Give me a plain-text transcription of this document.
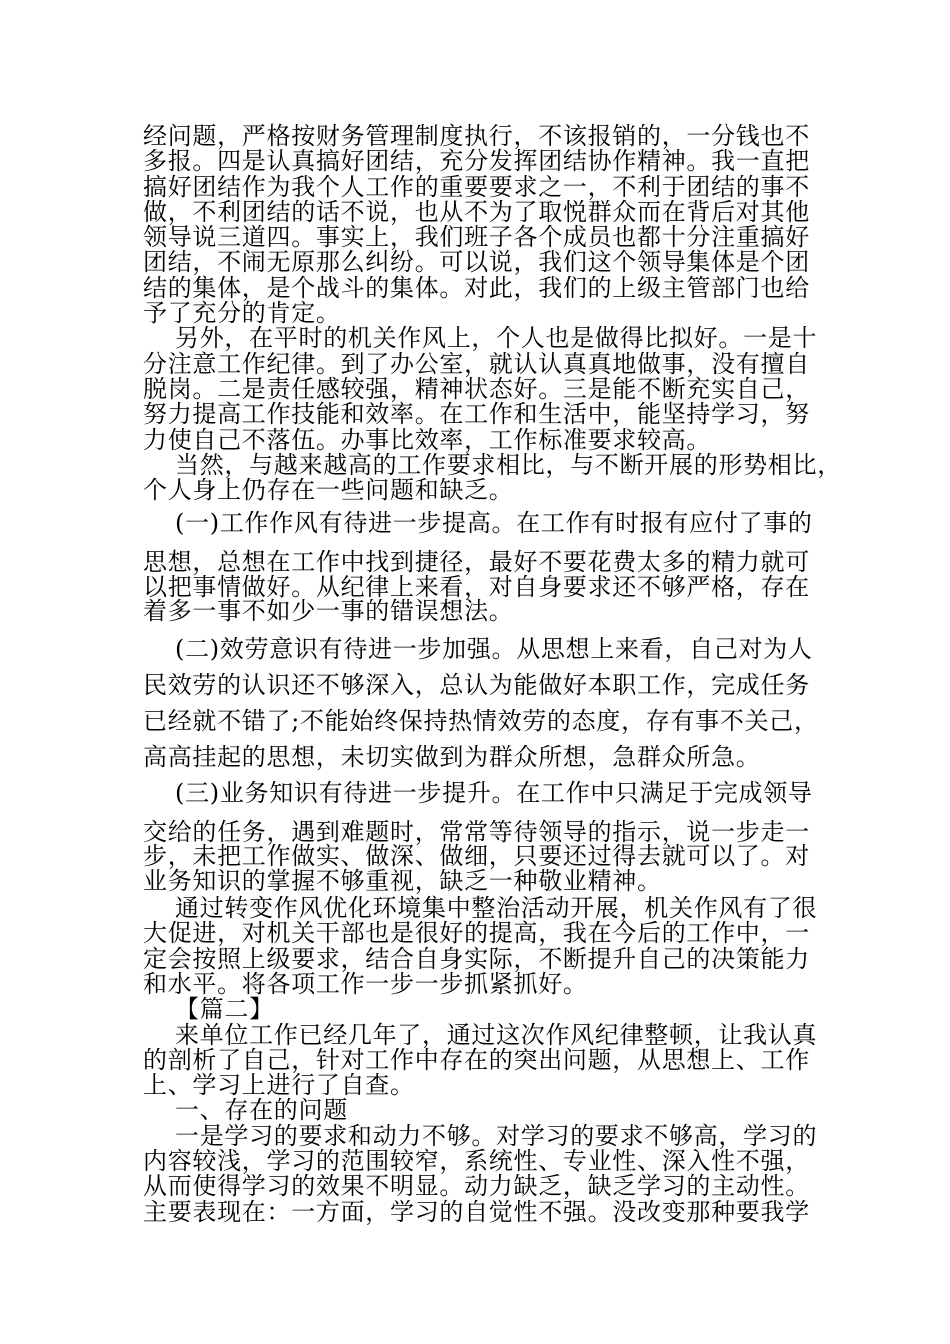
经问题，严格按财务管理制度执行，不该报销的，一分钱也不
多报。四是认真搞好团结，充分发挥团结协作精神。我一直把
搞好团结作为我个人工作的重要要求之一，不利于团结的事不
做，不利团结的话不说，也从不为了取悦群众而在背后对其他
领导说三道四。事实上，我们班子各个成员也都十分注重搞好
团结，不闹无原那么纠纷。可以说，我们这个领导集体是个团
结的集体，是个战斗的集体。对此，我们的上级主管部门也给
予了充分的肯定。
另外，在平时的机关作风上，个人也是做得比拟好。一是十
分注意工作纪律。到了办公室，就认认真真地做事，没有擅自
脱岗。二是责任感较强，精神状态好。三是能不断充实自己，
努力提高工作技能和效率。在工作和生活中，能坚持学习，努
力使自己不落伍。办事比效率，工作标准要求较高。
当然，与越来越高的工作要求相比，与不断开展的形势相比，
个人身上仍存在一些问题和缺乏。
(一)工作作风有待进一步提高。在工作有时报有应付了事的
思想，总想在工作中找到捷径，最好不要花费太多的精力就可
以把事情做好。从纪律上来看，对自身要求还不够严格，存在
着多一事不如少一事的错误想法。
(二)效劳意识有待进一步加强。从思想上来看，自己对为人
民效劳的认识还不够深入，总认为能做好本职工作，完成任务
已经就不错了;不能始终保持热情效劳的态度，存有事不关己，
高高挂起的思想，未切实做到为群众所想，急群众所急。
(三)业务知识有待进一步提升。在工作中只满足于完成领导
交给的任务，遇到难题时，常常等待领导的指示，说一步走一
步，未把工作做实、做深、做细，只要还过得去就可以了。对
业务知识的掌握不够重视，缺乏一种敬业精神。
通过转变作风优化环境集中整治活动开展，机关作风有了很
大促进，对机关干部也是很好的提高，我在今后的工作中，一
定会按照上级要求，结合自身实际，不断提升自己的决策能力
和水平。将各项工作一步一步抓紧抓好。
【篇二】
来单位工作已经几年了，通过这次作风纪律整顿，让我认真
的剖析了自己，针对工作中存在的突出问题，从思想上、工作
上、学习上进行了自查。
一、存在的问题
一是学习的要求和动力不够。对学习的要求不够高，学习的
内容较浅，学习的范围较窄，系统性、专业性、深入性不强，
从而使得学习的效果不明显。动力缺乏，缺乏学习的主动性。
主要表现在：一方面，学习的自觉性不强。没改变那种要我学
